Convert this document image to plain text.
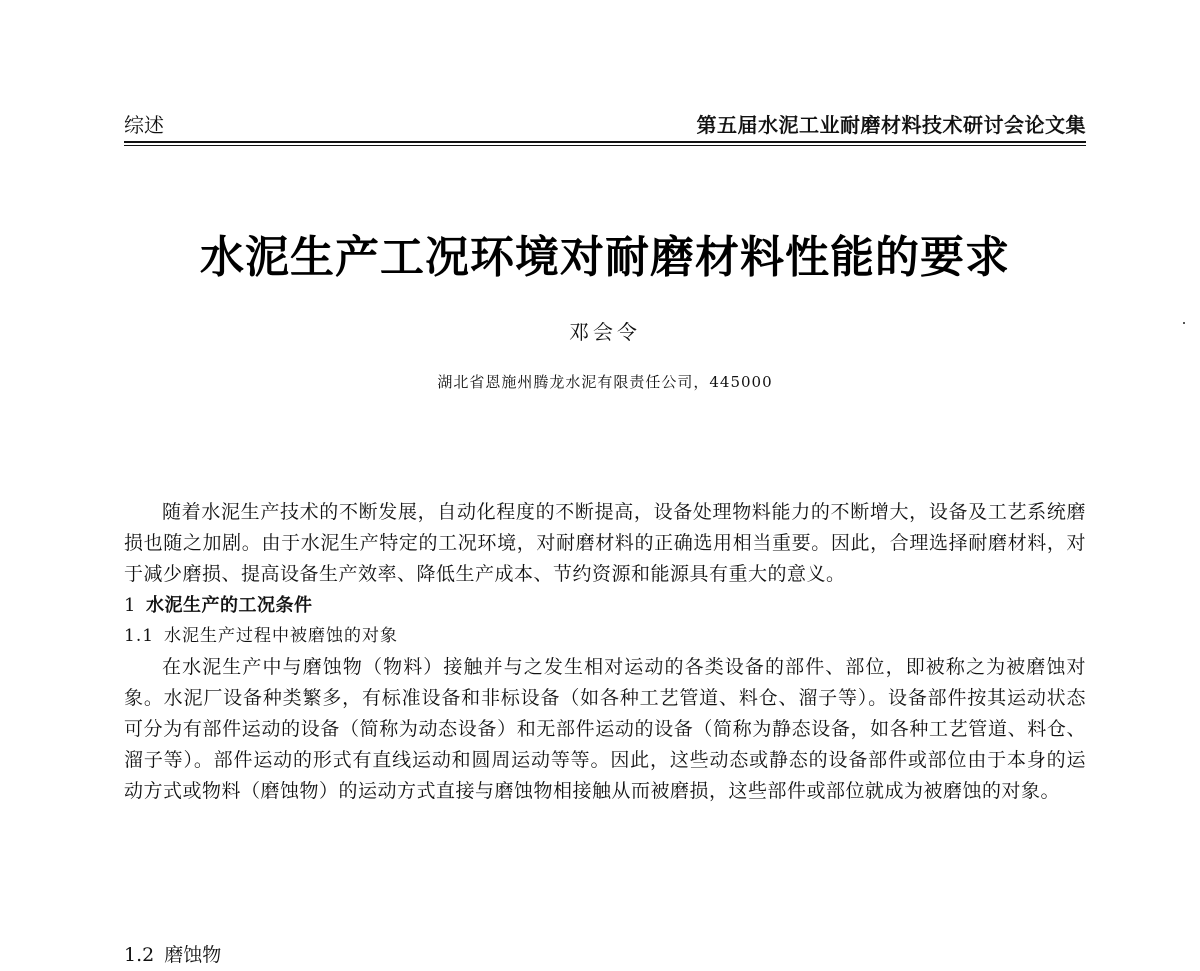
综述	第五届水泥工业耐磨材料技术研讨会论文集
水泥生产工况环境对耐磨材料性能的要求
邓会令
湖北省恩施州腾龙水泥有限责任公司，445000

随着水泥生产技术的不断发展，自动化程度的不断提高，设备处理物料能力的不断增大，设备及工艺系统磨损也随之加剧。由于水泥生产特定的工况环境，对耐磨材料的正确选用相当重要。因此，合理选择耐磨材料，对于减少磨损、提高设备生产效率、降低生产成本、节约资源和能源具有重大的意义。

1 水泥生产的工况条件

1.1 水泥生产过程中被磨蚀的对象

在水泥生产中与磨蚀物（物料）接触并与之发生相对运动的各类设备的部件、部位，即被称之为被磨蚀对象。水泥厂设备种类繁多，有标准设备和非标设备（如各种工艺管道、料仓、溜子等）。设备部件按其运动状态可分为有部件运动的设备（简称为动态设备）和无部件运动的设备（简称为静态设备，如各种工艺管道、料仓、溜子等）。部件运动的形式有直线运动和圆周运动等等。因此，这些动态或静态的设备部件或部位由于本身的运动方式或物料（磨蚀物）的运动方式直接与磨蚀物相接触从而被磨损，这些部件或部位就成为被磨蚀的对象。

1.2 磨蚀物
